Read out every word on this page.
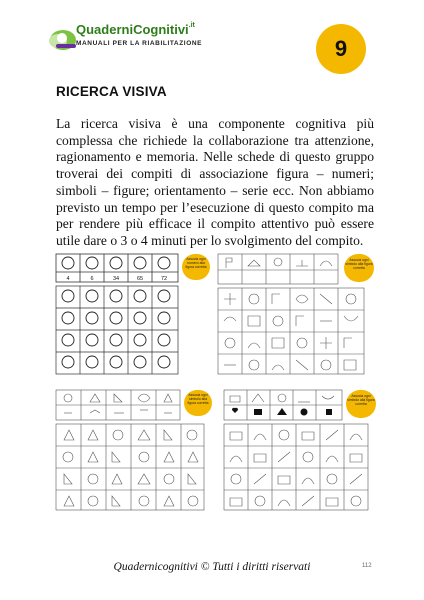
QuaderniCognitivi$^{.it}$
MANUALI PER LA RIABILITAZIONE	9
RICERCA VISIVA
La ricerca visiva è una componente cognitiva più complessa che richiede la collaborazione tra attenzione, ragionamento e memoria. Nelle schede di questo gruppo troverai dei compiti di associazione figura – numeri; simboli – figure; orientamento – serie ecc. Non abbiamo previsto un tempo per l’esecuzione di questo compito ma per rendere più efficace il compito attentivo può essere utile dare o 3 o 4 minuti per lo svolgimento del compito.
4	6	34	65	72
Associa ogni numero alla figura corretta
Associa ogni simbolo alla figura corretta
Associa ogni simbolo alla figura corretta
Associa ogni simbolo alla figura corretta
Quadernicognitivi © Tutti i diritti riservati	112
